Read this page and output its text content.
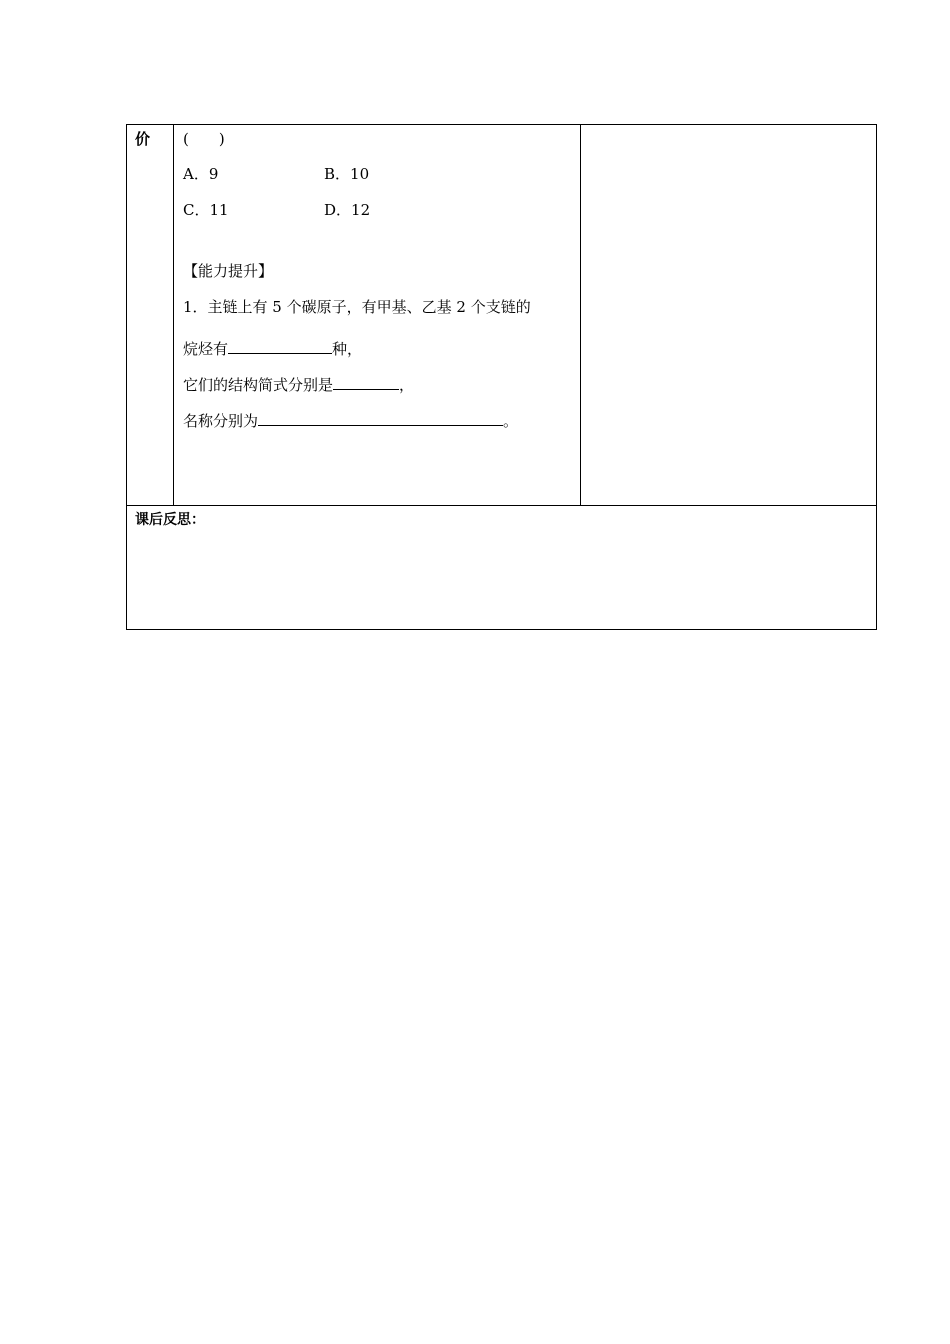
价 (　　)
A．9	B．10
C．11	D．12
【能力提升】
1．主链上有 5 个碳原子，有甲基、乙基 2 个支链的
烷烃有	种，
它们的结构简式分别是	，
名称分别为	。
课后反思：
